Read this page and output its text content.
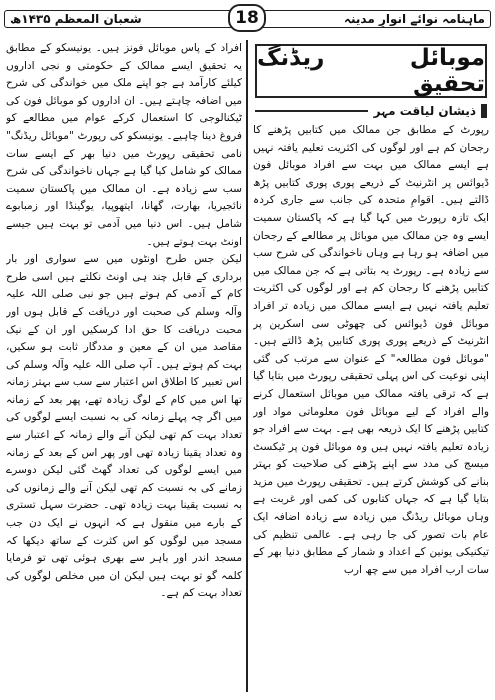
ماہنامہ نوائے انوارِ مدینہ
شعبان المعظم ۱۴۳۵ھ	18
موبائل ریڈنگ تحقیق
ذیشان لیاقت مہر

رپورٹ کے مطابق جن ممالک میں کتابیں پڑھنے کا رجحان کم ہے اور لوگوں کی اکثریت تعلیم یافتہ نہیں ہے ایسے ممالک میں بہت سے افراد موبائل فون ڈیوائس پر انٹرنیٹ کے ذریعے پوری پوری کتابیں پڑھ ڈالتے ہیں۔ اقوامِ متحدہ کی جانب سے جاری کردہ ایک تازہ رپورٹ میں کہا گیا ہے کہ پاکستان سمیت ایسے وہ جن ممالک میں موبائل پر مطالعے کے رجحان میں اضافہ ہو رہا ہے وہاں ناخواندگی کی شرح سب سے زیادہ ہے۔ رپورٹ یہ بتاتی ہے کہ جن ممالک میں کتابیں پڑھنے کا رجحان کم ہے اور لوگوں کی اکثریت تعلیم یافتہ نہیں ہے ایسے ممالک میں زیادہ تر افراد موبائل فون ڈیوائس کی چھوٹی سی اسکرین پر انٹرنیٹ کے ذریعے پوری پوری کتابیں پڑھ ڈالتے ہیں۔ "موبائل فون مطالعہ" کے عنوان سے مرتب کی گئی اپنی نوعیت کی اس پہلی تحقیقی رپورٹ میں بتایا گیا ہے کہ ترقی یافتہ ممالک میں موبائل استعمال کرنے والے افراد کے لیے موبائل فون معلوماتی مواد اور کتابیں پڑھنے کا ایک ذریعہ بھی ہے۔ بہت سے افراد جو زیادہ تعلیم یافتہ نہیں ہیں وہ موبائل فون پر ٹیکسٹ میسج کی مدد سے اپنے پڑھنے کی صلاحیت کو بہتر بنانے کی کوشش کرتے ہیں۔ تحقیقی رپورٹ میں مزید بتایا گیا ہے کہ جہاں کتابوں کی کمی اور غربت ہے وہاں موبائل ریڈنگ میں زیادہ سے زیادہ اضافہ ایک عام بات تصور کی جا رہی ہے۔ عالمی تنظیم کی تیکنیکی یونین کے اعداد و شمار کے مطابق دنیا بھر کے سات ارب افراد میں سے چھ ارب

افراد کے پاس موبائل فونز ہیں۔ یونیسکو کے مطابق یہ تحقیق ایسے ممالک کے حکومتی و نجی اداروں کیلئے کارآمد ہے جو اپنے ملک میں خواندگی کی شرح میں اضافہ چاہتے ہیں۔ ان اداروں کو موبائل فون کی ٹیکنالوجی کا استعمال کرکے عوام میں مطالعے کو فروغ دینا چاہیے۔ یونیسکو کی رپورٹ "موبائل ریڈنگ" نامی تحقیقی رپورٹ میں دنیا بھر کے ایسے سات ممالک کو شامل کیا گیا ہے جہاں ناخواندگی کی شرح سب سے زیادہ ہے۔ ان ممالک میں پاکستان سمیت نائجیریا، بھارت، گھانا، ایتھوپیا، یوگینڈا اور زمبابوے شامل ہیں۔ اس دنیا میں آدمی تو بہت ہیں جیسے اونٹ بہت ہوتے ہیں۔

لیکن جس طرح اونٹوں میں سے سواری اور بار برداری کے قابل چند ہی اونٹ نکلتے ہیں اسی طرح کام کے آدمی کم ہوتے ہیں جو نبی صلی اللہ علیہ وآلہ وسلم کی صحبت اور دریافت کے قابل ہوں اور محبت دریافت کا حق ادا کرسکیں اور ان کے نیک مقاصد میں ان کے معین و مددگار ثابت ہو سکیں، بہت کم ہوتے ہیں۔ آپ صلی اللہ علیہ وآلہ وسلم کی اس تعبیر کا اطلاق اس اعتبار سے سب سے بہتر زمانہ تھا اس میں کام کے لوگ زیادہ تھے، پھر بعد کے زمانہ میں اگر چہ پہلے زمانہ کی بہ نسبت ایسے لوگوں کی تعداد بہت کم تھی لیکن آنے والے زمانہ کے اعتبار سے وہ تعداد یقینا زیادہ تھی اور پھر اس کے بعد کے زمانہ میں ایسے لوگوں کی تعداد گھٹ گئی لیکن دوسرے زمانے کی بہ نسبت کم تھی لیکن آنے والے زمانوں کی بہ نسبت یقینا بہت زیادہ تھی۔ حضرت سہل تستری کے بارے میں منقول ہے کہ انہوں نے ایک دن جب مسجد میں لوگوں کو اس کثرت کے ساتھ دیکھا کہ مسجد اندر اور باہر سے بھری ہوئی تھی تو فرمایا کلمہ گو تو بہت ہیں لیکن ان میں مخلص لوگوں کی تعداد بہت کم ہے۔
